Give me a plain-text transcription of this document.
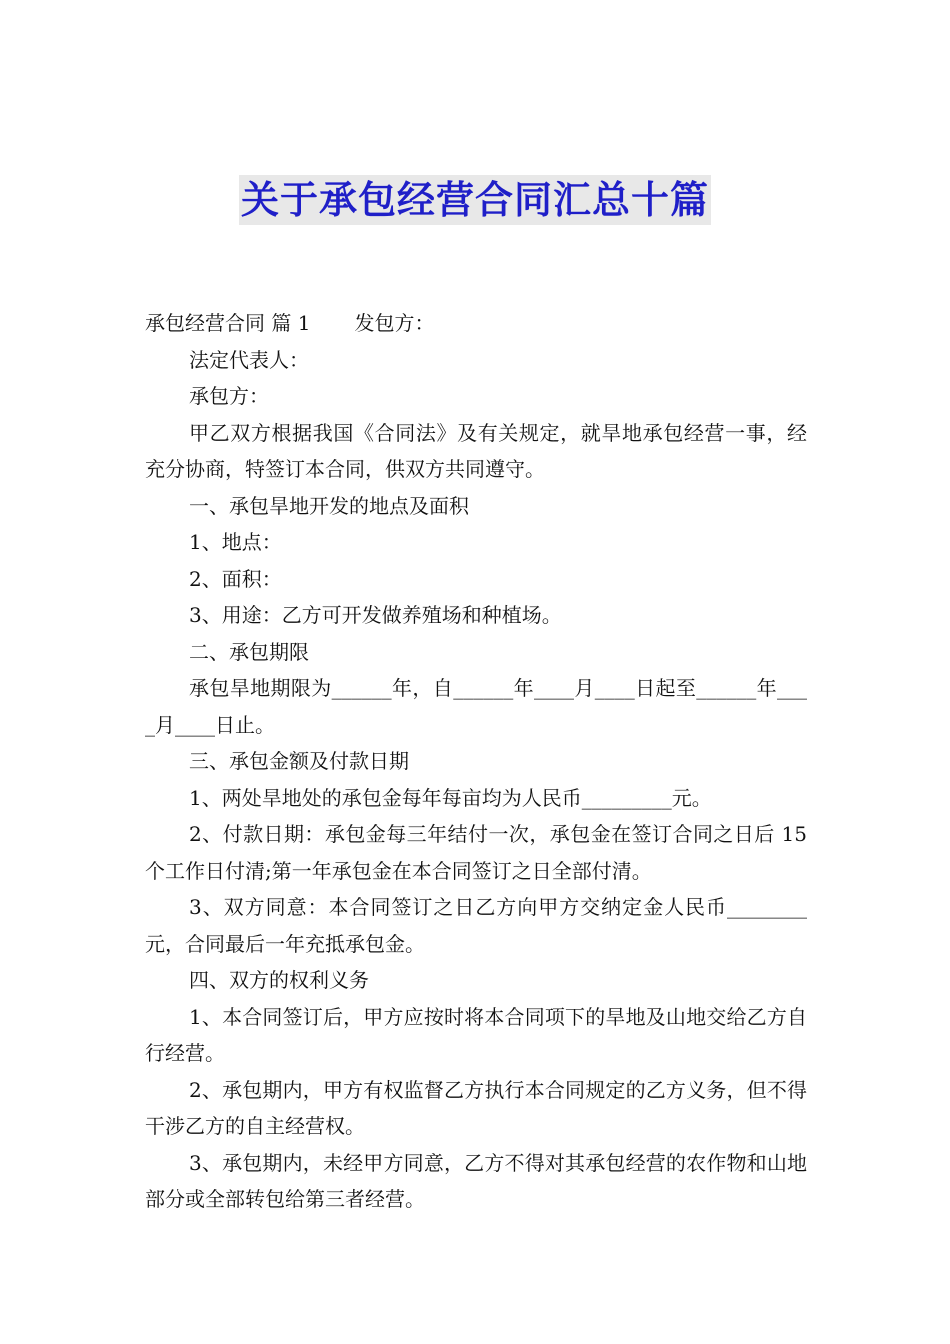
关于承包经营合同汇总十篇

承包经营合同 篇 1 发包方：

法定代表人：

承包方：

甲乙双方根据我国《合同法》及有关规定，就旱地承包经营一事，经充分协商，特签订本合同，供双方共同遵守。

一、承包旱地开发的地点及面积

1、地点：

2、面积：

3、用途：乙方可开发做养殖场和种植场。

二、承包期限

承包旱地期限为______年，自______年____月____日起至______年____月____日止。

三、承包金额及付款日期

1、两处旱地处的承包金每年每亩均为人民币_________元。

2、付款日期：承包金每三年结付一次，承包金在签订合同之日后 15 个工作日付清;第一年承包金在本合同签订之日全部付清。

3、双方同意：本合同签订之日乙方向甲方交纳定金人民币________元，合同最后一年充抵承包金。

四、双方的权利义务

1、本合同签订后，甲方应按时将本合同项下的旱地及山地交给乙方自行经营。

2、承包期内，甲方有权监督乙方执行本合同规定的乙方义务，但不得干涉乙方的自主经营权。

3、承包期内，未经甲方同意，乙方不得对其承包经营的农作物和山地部分或全部转包给第三者经营。
